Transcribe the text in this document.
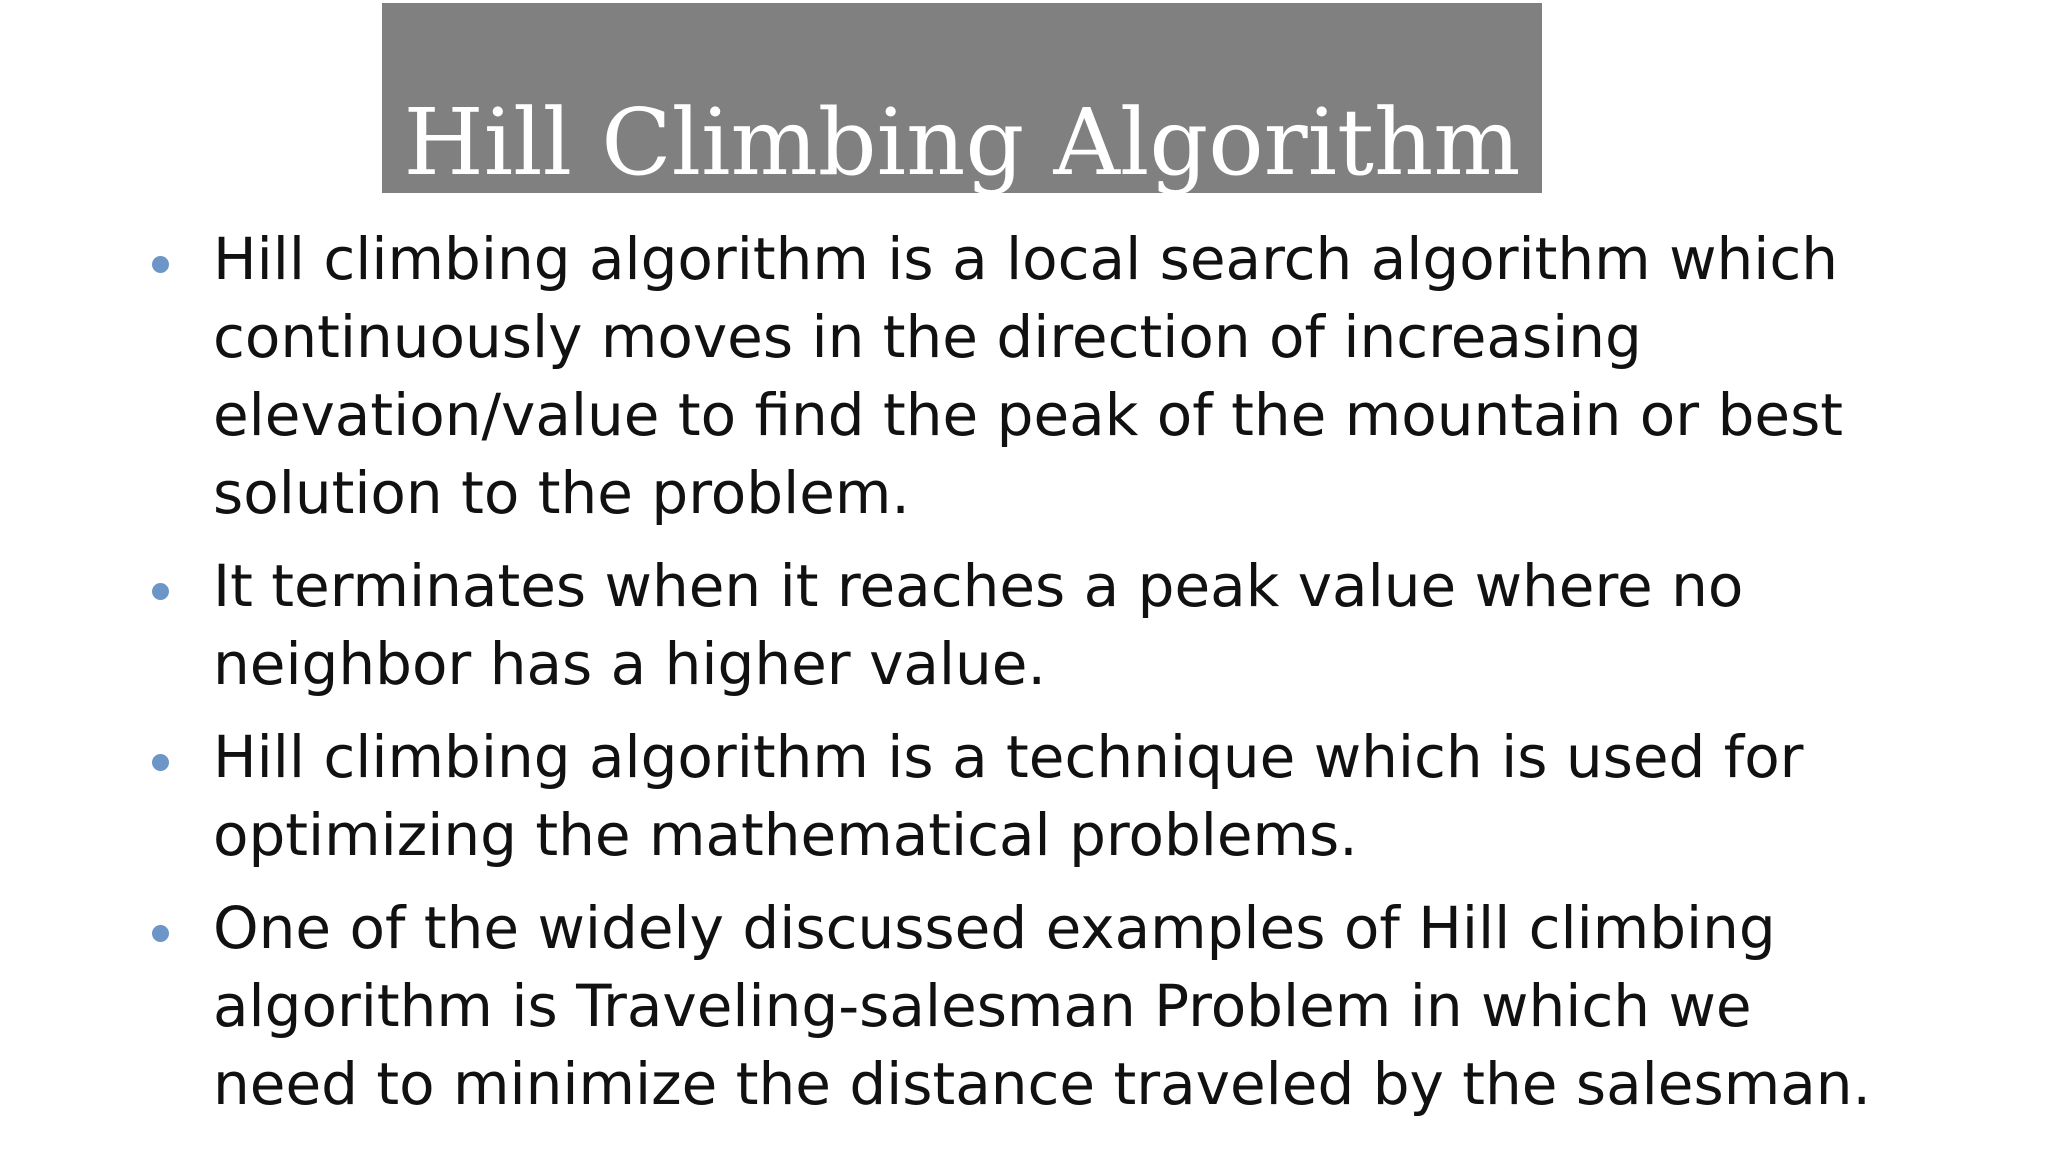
Hill Climbing Algorithm
Hill climbing algorithm is a local search algorithm which continuously moves in the direction of increasing elevation/value to find the peak of the mountain or best solution to the problem.
It terminates when it reaches a peak value where no neighbor has a higher value.
Hill climbing algorithm is a technique which is used for optimizing the mathematical problems.
One of the widely discussed examples of Hill climbing algorithm is Traveling-salesman Problem in which we need to minimize the distance traveled by the salesman.
